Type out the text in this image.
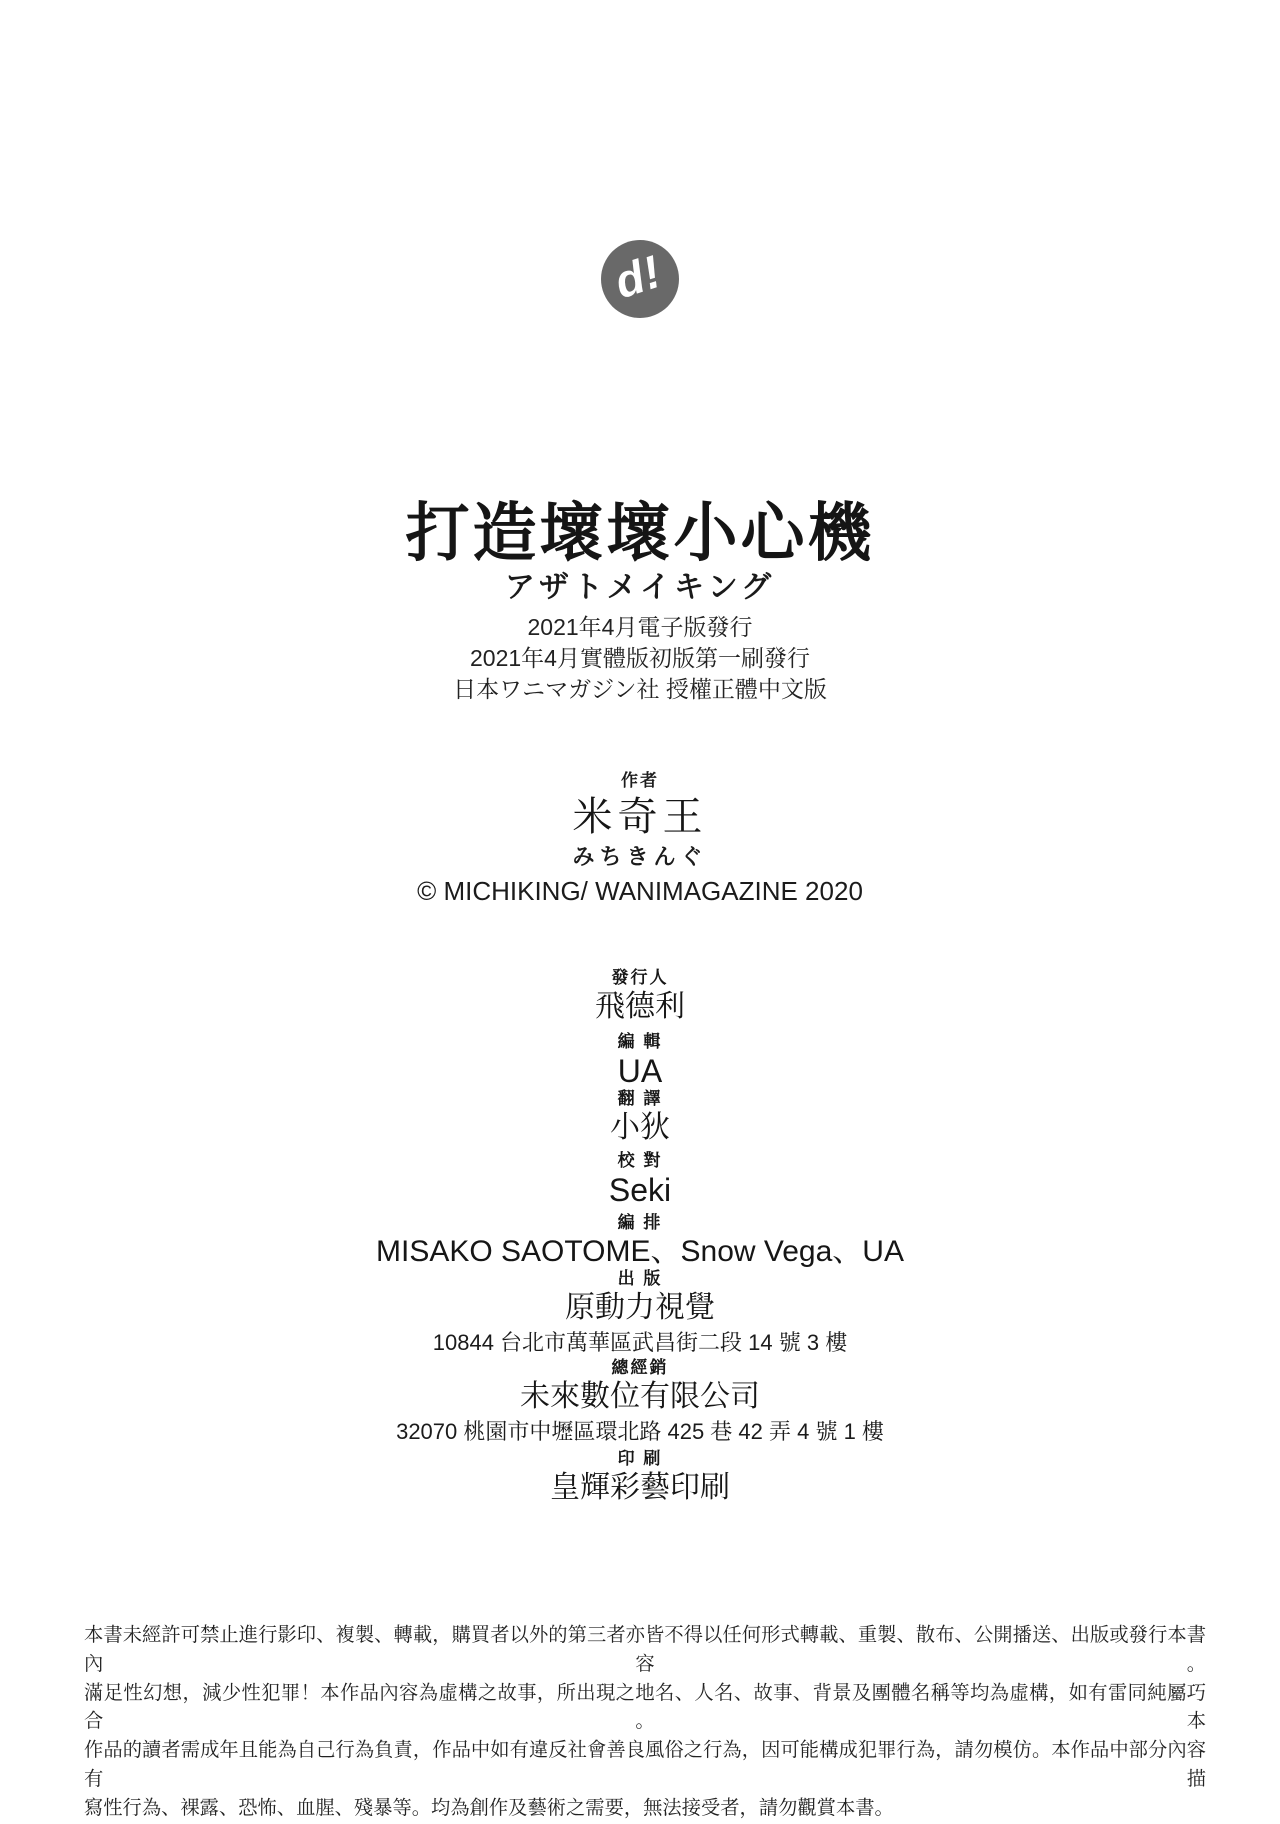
d!
打造壞壞小心機
アザトメイキング
2021年4月電子版發行
2021年4月實體版初版第一刷發行
日本ワニマガジン社 授權正體中文版
作者
米奇王
みちきんぐ
© MICHIKING/ WANIMAGAZINE 2020
發行人
飛德利
編 輯
UA
翻 譯
小狄
校 對
Seki
編 排
MISAKO SAOTOME、Snow Vega、UA
出 版
原動力視覺
10844 台北市萬華區武昌街二段 14 號 3 樓
總經銷
未來數位有限公司
32070 桃園市中壢區環北路 425 巷 42 弄 4 號 1 樓
印 刷
皇輝彩藝印刷
本書未經許可禁止進行影印、複製、轉載，購買者以外的第三者亦皆不得以任何形式轉載、重製、散布、公開播送、出版或發行本書內容。
滿足性幻想，減少性犯罪！本作品內容為虛構之故事，所出現之地名、人名、故事、背景及團體名稱等均為虛構，如有雷同純屬巧合。本
作品的讀者需成年且能為自己行為負責，作品中如有違反社會善良風俗之行為，因可能構成犯罪行為，請勿模仿。本作品中部分內容有描
寫性行為、裸露、恐怖、血腥、殘暴等。均為創作及藝術之需要，無法接受者，請勿觀賞本書。
